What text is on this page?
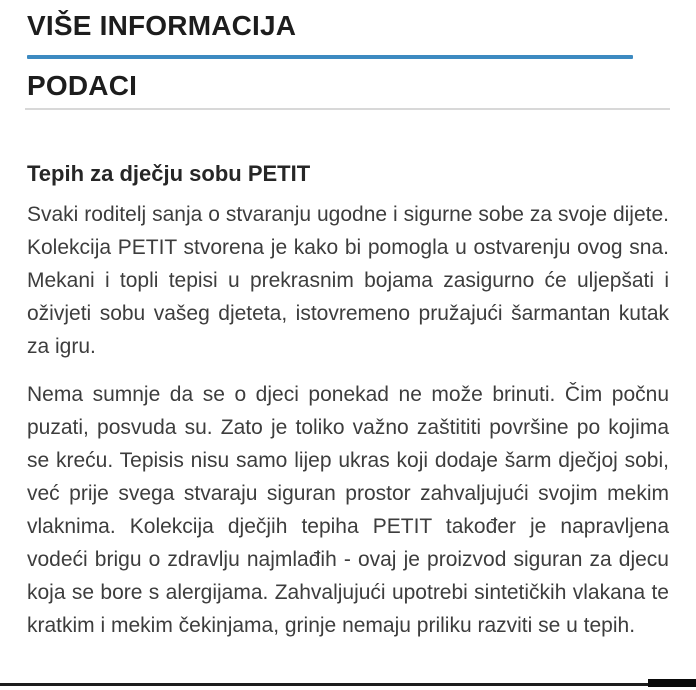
VIŠE INFORMACIJA
PODACI
Tepih za dječju sobu PETIT

Svaki roditelj sanja o stvaranju ugodne i sigurne sobe za svoje dijete. Kolekcija PETIT stvorena je kako bi pomogla u ostvarenju ovog sna. Mekani i topli tepisi u prekrasnim bojama zasigurno će uljepšati i oživjeti sobu vašeg djeteta, istovremeno pružajući šarmantan kutak za igru.

Nema sumnje da se o djeci ponekad ne može brinuti. Čim počnu puzati, posvuda su. Zato je toliko važno zaštititi površine po kojima se kreću. Tepisis nisu samo lijep ukras koji dodaje šarm dječjoj sobi, već prije svega stvaraju siguran prostor zahvaljujući svojim mekim vlaknima. Kolekcija dječjih tepiha PETIT također je napravljena vodeći brigu o zdravlju najmlađih - ovaj je proizvod siguran za djecu koja se bore s alergijama. Zahvaljujući upotrebi sintetičkih vlakana te kratkim i mekim čekinjama, grinje nemaju priliku razviti se u tepih.
